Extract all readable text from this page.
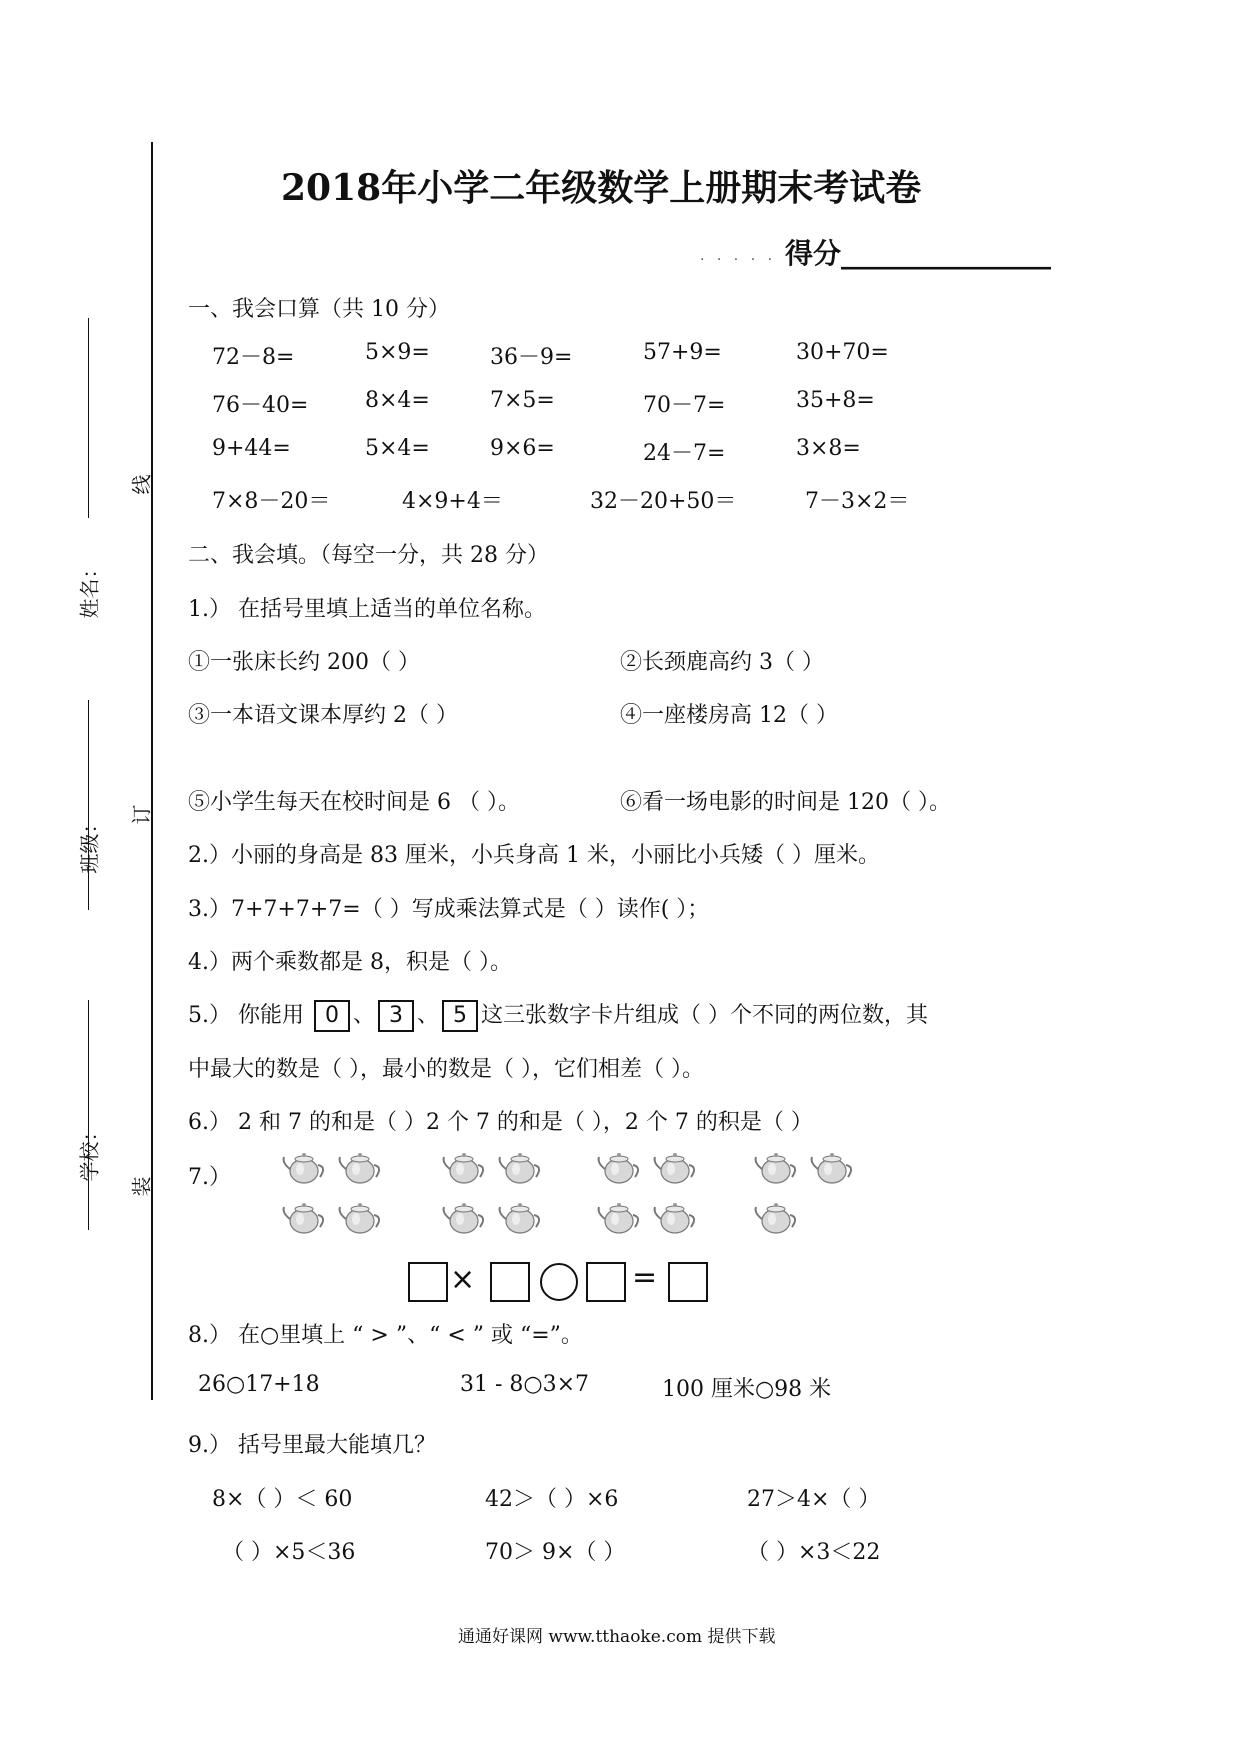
线
订
装
姓名：
班级：
学校：
2018年小学二年级数学上册期末考试卷
· · · · · 得分_______________
一、我会口算（共 10 分）
72－8=	5×9=	36－9=	57+9=	30+70=
76－40=	8×4=	7×5=	70－7=	35+8=
9+44=	5×4=	9×6=	24－7=	3×8=
7×8－20＝	4×9+4＝	32－20+50＝	7－3×2＝
二、我会填。（每空一分，共 28 分）
1.） 在括号里填上适当的单位名称。
①一张床长约 200（ ）	②长颈鹿高约 3（ ）
③一本语文课本厚约 2（ ）	④一座楼房高 12（ ）
⑤小学生每天在校时间是 6 （ ）。	⑥看一场电影的时间是 120（ ）。
2.）小丽的身高是 83 厘米，小兵身高 1 米，小丽比小兵矮（ ）厘米。
3.）7+7+7+7=（ ）写成乘法算式是（ ）读作( ）；
4.）两个乘数都是 8，积是（ ）。
5.） 你能用 0 、 3 、 5 这三张数字卡片组成（ ）个不同的两位数，其
中最大的数是（ ），最小的数是（ ），它们相差（ ）。
6.） 2 和 7 的和是（ ）2 个 7 的和是（ ），2 个 7 的积是（ ）
7.）
×	=
8.） 在○里填上 “ > ”、“ < ” 或 “=”。
26○17+18	31 - 8○3×7	100 厘米○98 米
9.） 括号里最大能填几？
8×（ ）＜ 60	42＞（ ）×6	27＞4×（ ）
（ ）×5＜36	70＞ 9×（ ）	（ ）×3＜22
通通好课网 www.tthaoke.com 提供下载
